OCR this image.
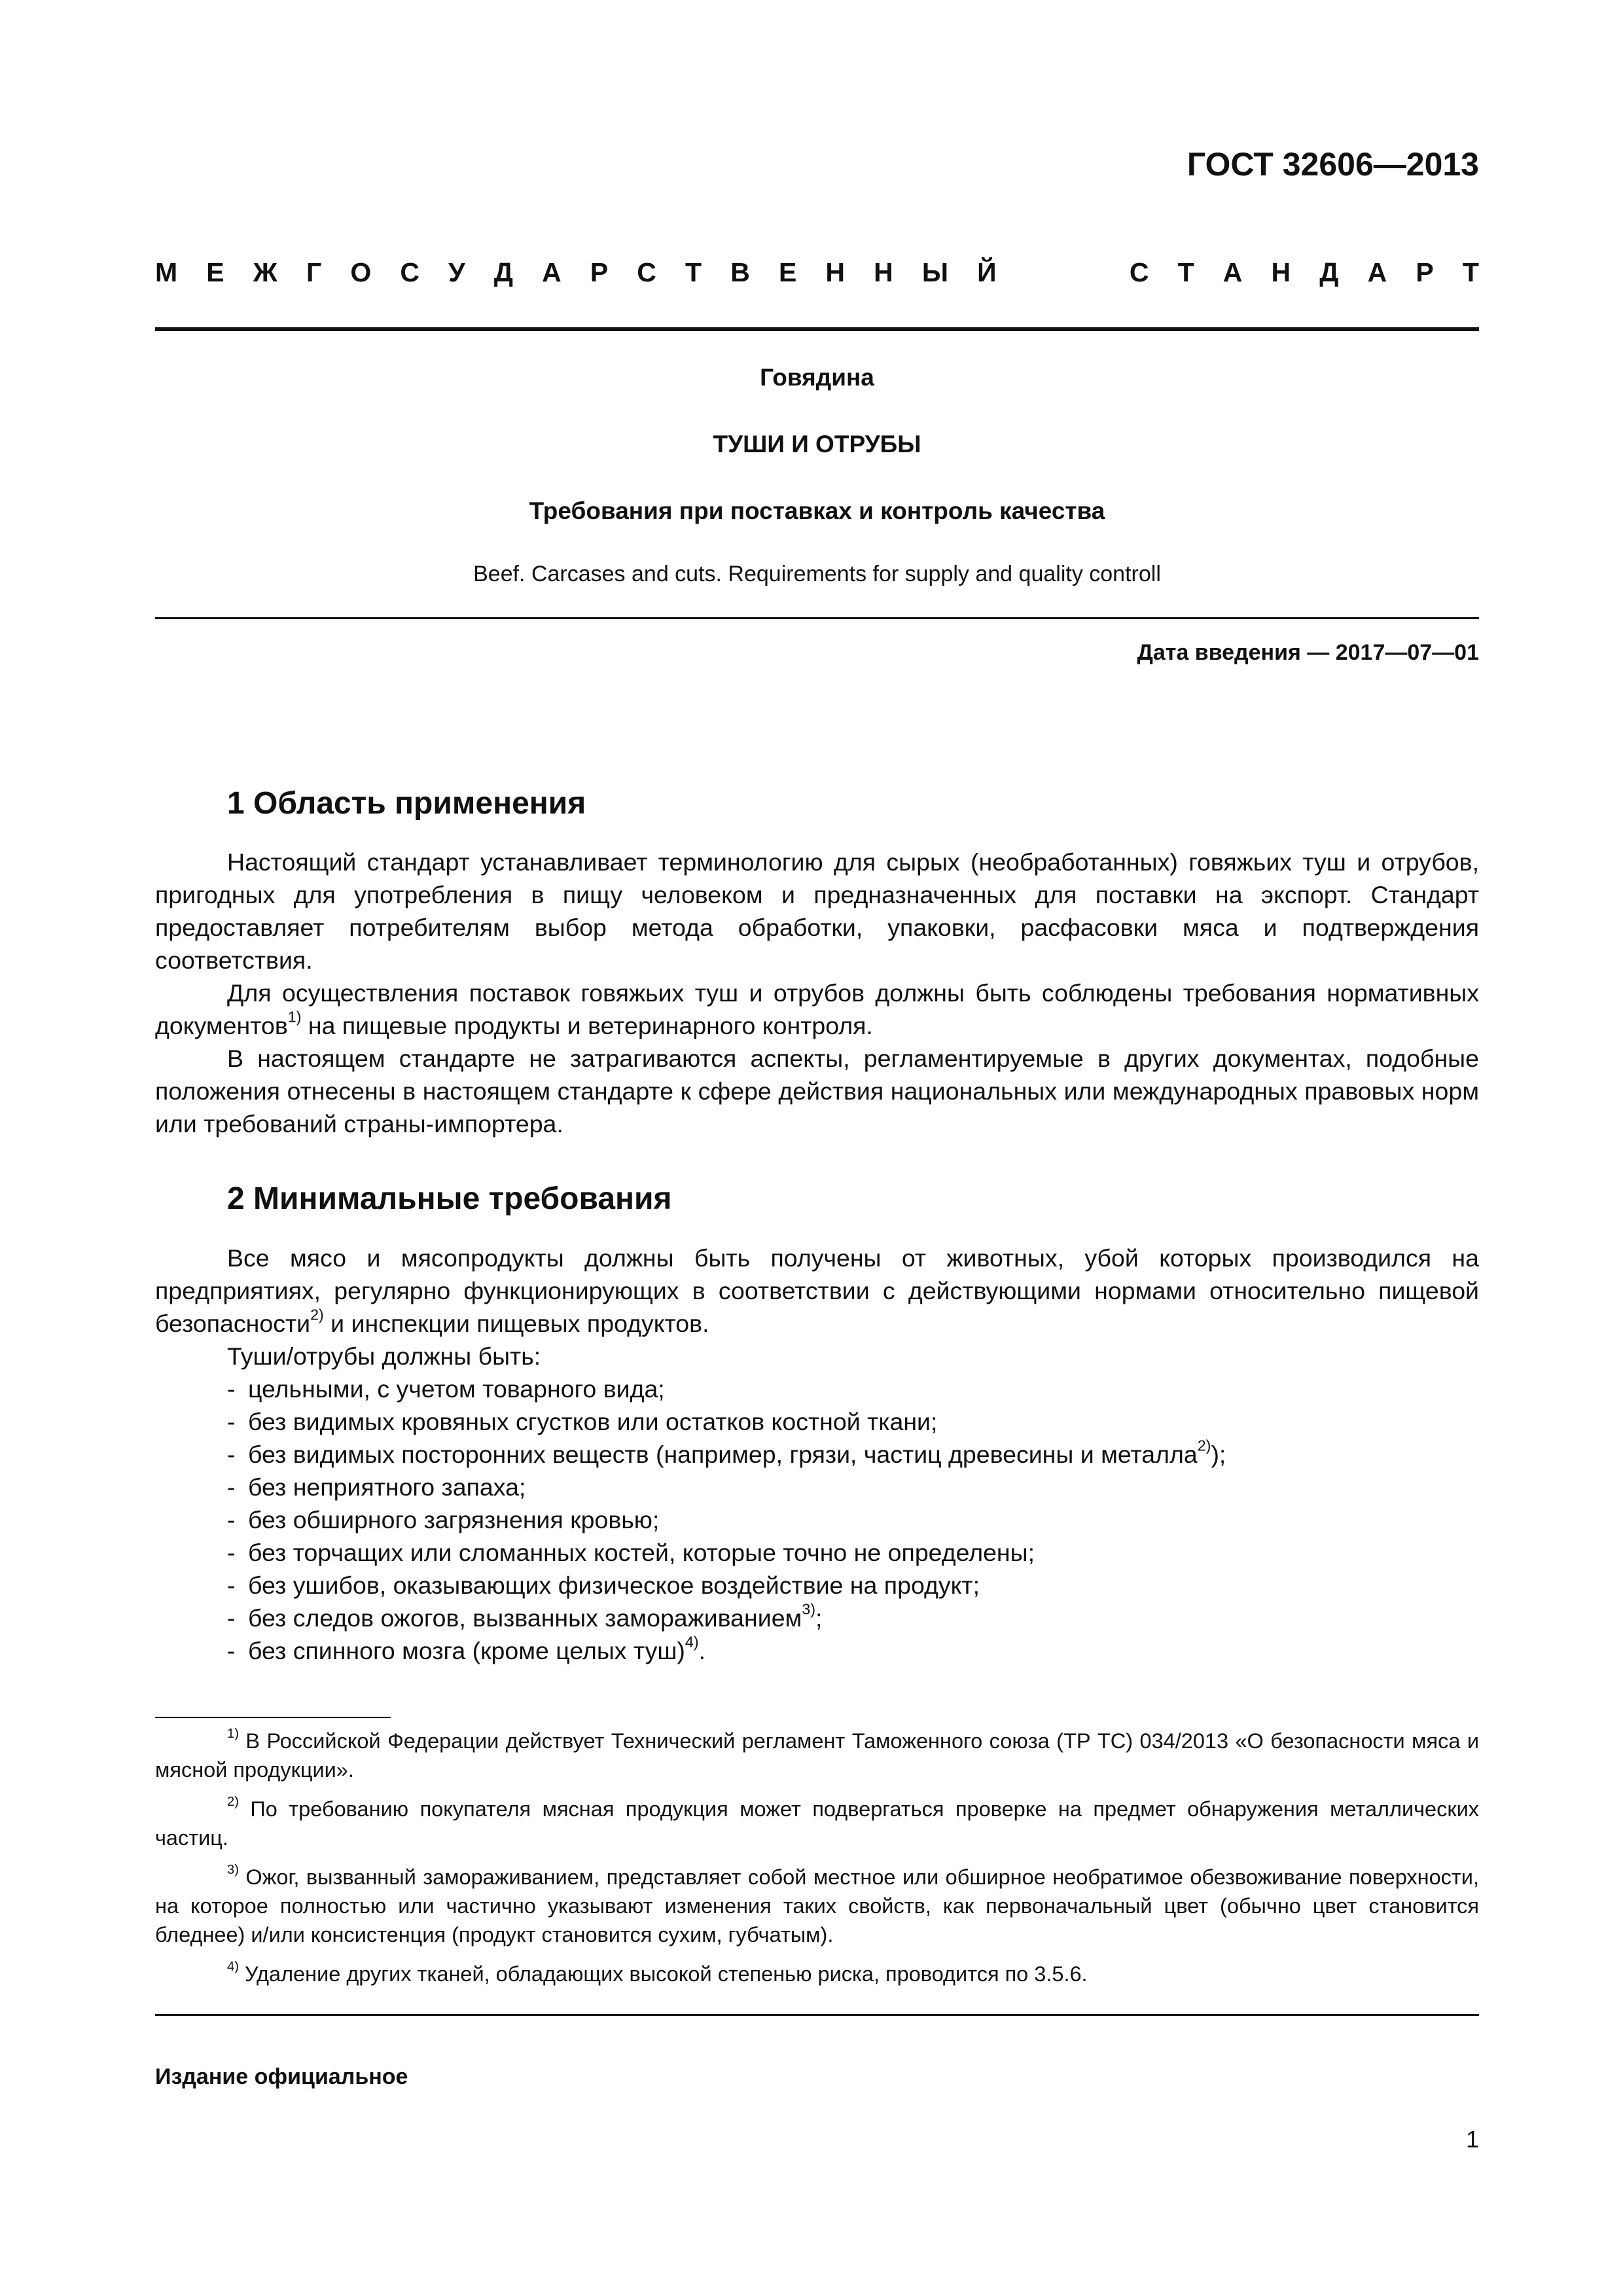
ГОСТ 32606—2013

М Е Ж Г О С У Д А Р С Т В Е Н Н Ы Й	С Т А Н Д А Р Т

Говядина

ТУШИ И ОТРУБЫ

Требования при поставках и контроль качества

Beef. Carcases and cuts. Requirements for supply and quality controll

Дата введения — 2017—07—01

1 Область применения

Настоящий стандарт устанавливает терминологию для сырых (необработанных) говяжьих туш и отрубов, пригодных для употребления в пищу человеком и предназначенных для поставки на экспорт. Стандарт предоставляет потребителям выбор метода обработки, упаковки, расфасовки мяса и подтверждения соответствия.

Для осуществления поставок говяжьих туш и отрубов должны быть соблюдены требования нормативных документов$^{1)}$ на пищевые продукты и ветеринарного контроля.

В настоящем стандарте не затрагиваются аспекты, регламентируемые в других документах, подобные положения отнесены в настоящем стандарте к сфере действия национальных или международных правовых норм или требований страны-импортера.

2 Минимальные требования

Все мясо и мясопродукты должны быть получены от животных, убой которых производился на предприятиях, регулярно функционирующих в соответствии с действующими нормами относительно пищевой безопасности$^{2)}$ и инспекции пищевых продуктов.

Туши/отрубы должны быть:

- цельными, с учетом товарного вида;
- без видимых кровяных сгустков или остатков костной ткани;
- без видимых посторонних веществ (например, грязи, частиц древесины и металла$^{2)}$);
- без неприятного запаха;
- без обширного загрязнения кровью;
- без торчащих или сломанных костей, которые точно не определены;
- без ушибов, оказывающих физическое воздействие на продукт;
- без следов ожогов, вызванных замораживанием$^{3)}$;
- без спинного мозга (кроме целых туш)$^{4)}$.

$^{1)}$ В Российской Федерации действует Технический регламент Таможенного союза (ТР ТС) 034/2013 «О безопасности мяса и мясной продукции».

$^{2)}$ По требованию покупателя мясная продукция может подвергаться проверке на предмет обнаружения металлических частиц.

$^{3)}$ Ожог, вызванный замораживанием, представляет собой местное или обширное необратимое обезвоживание поверхности, на которое полностью или частично указывают изменения таких свойств, как первоначальный цвет (обычно цвет становится бледнее) и/или консистенция (продукт становится сухим, губчатым).

$^{4)}$ Удаление других тканей, обладающих высокой степенью риска, проводится по 3.5.6.

Издание официальное

1
